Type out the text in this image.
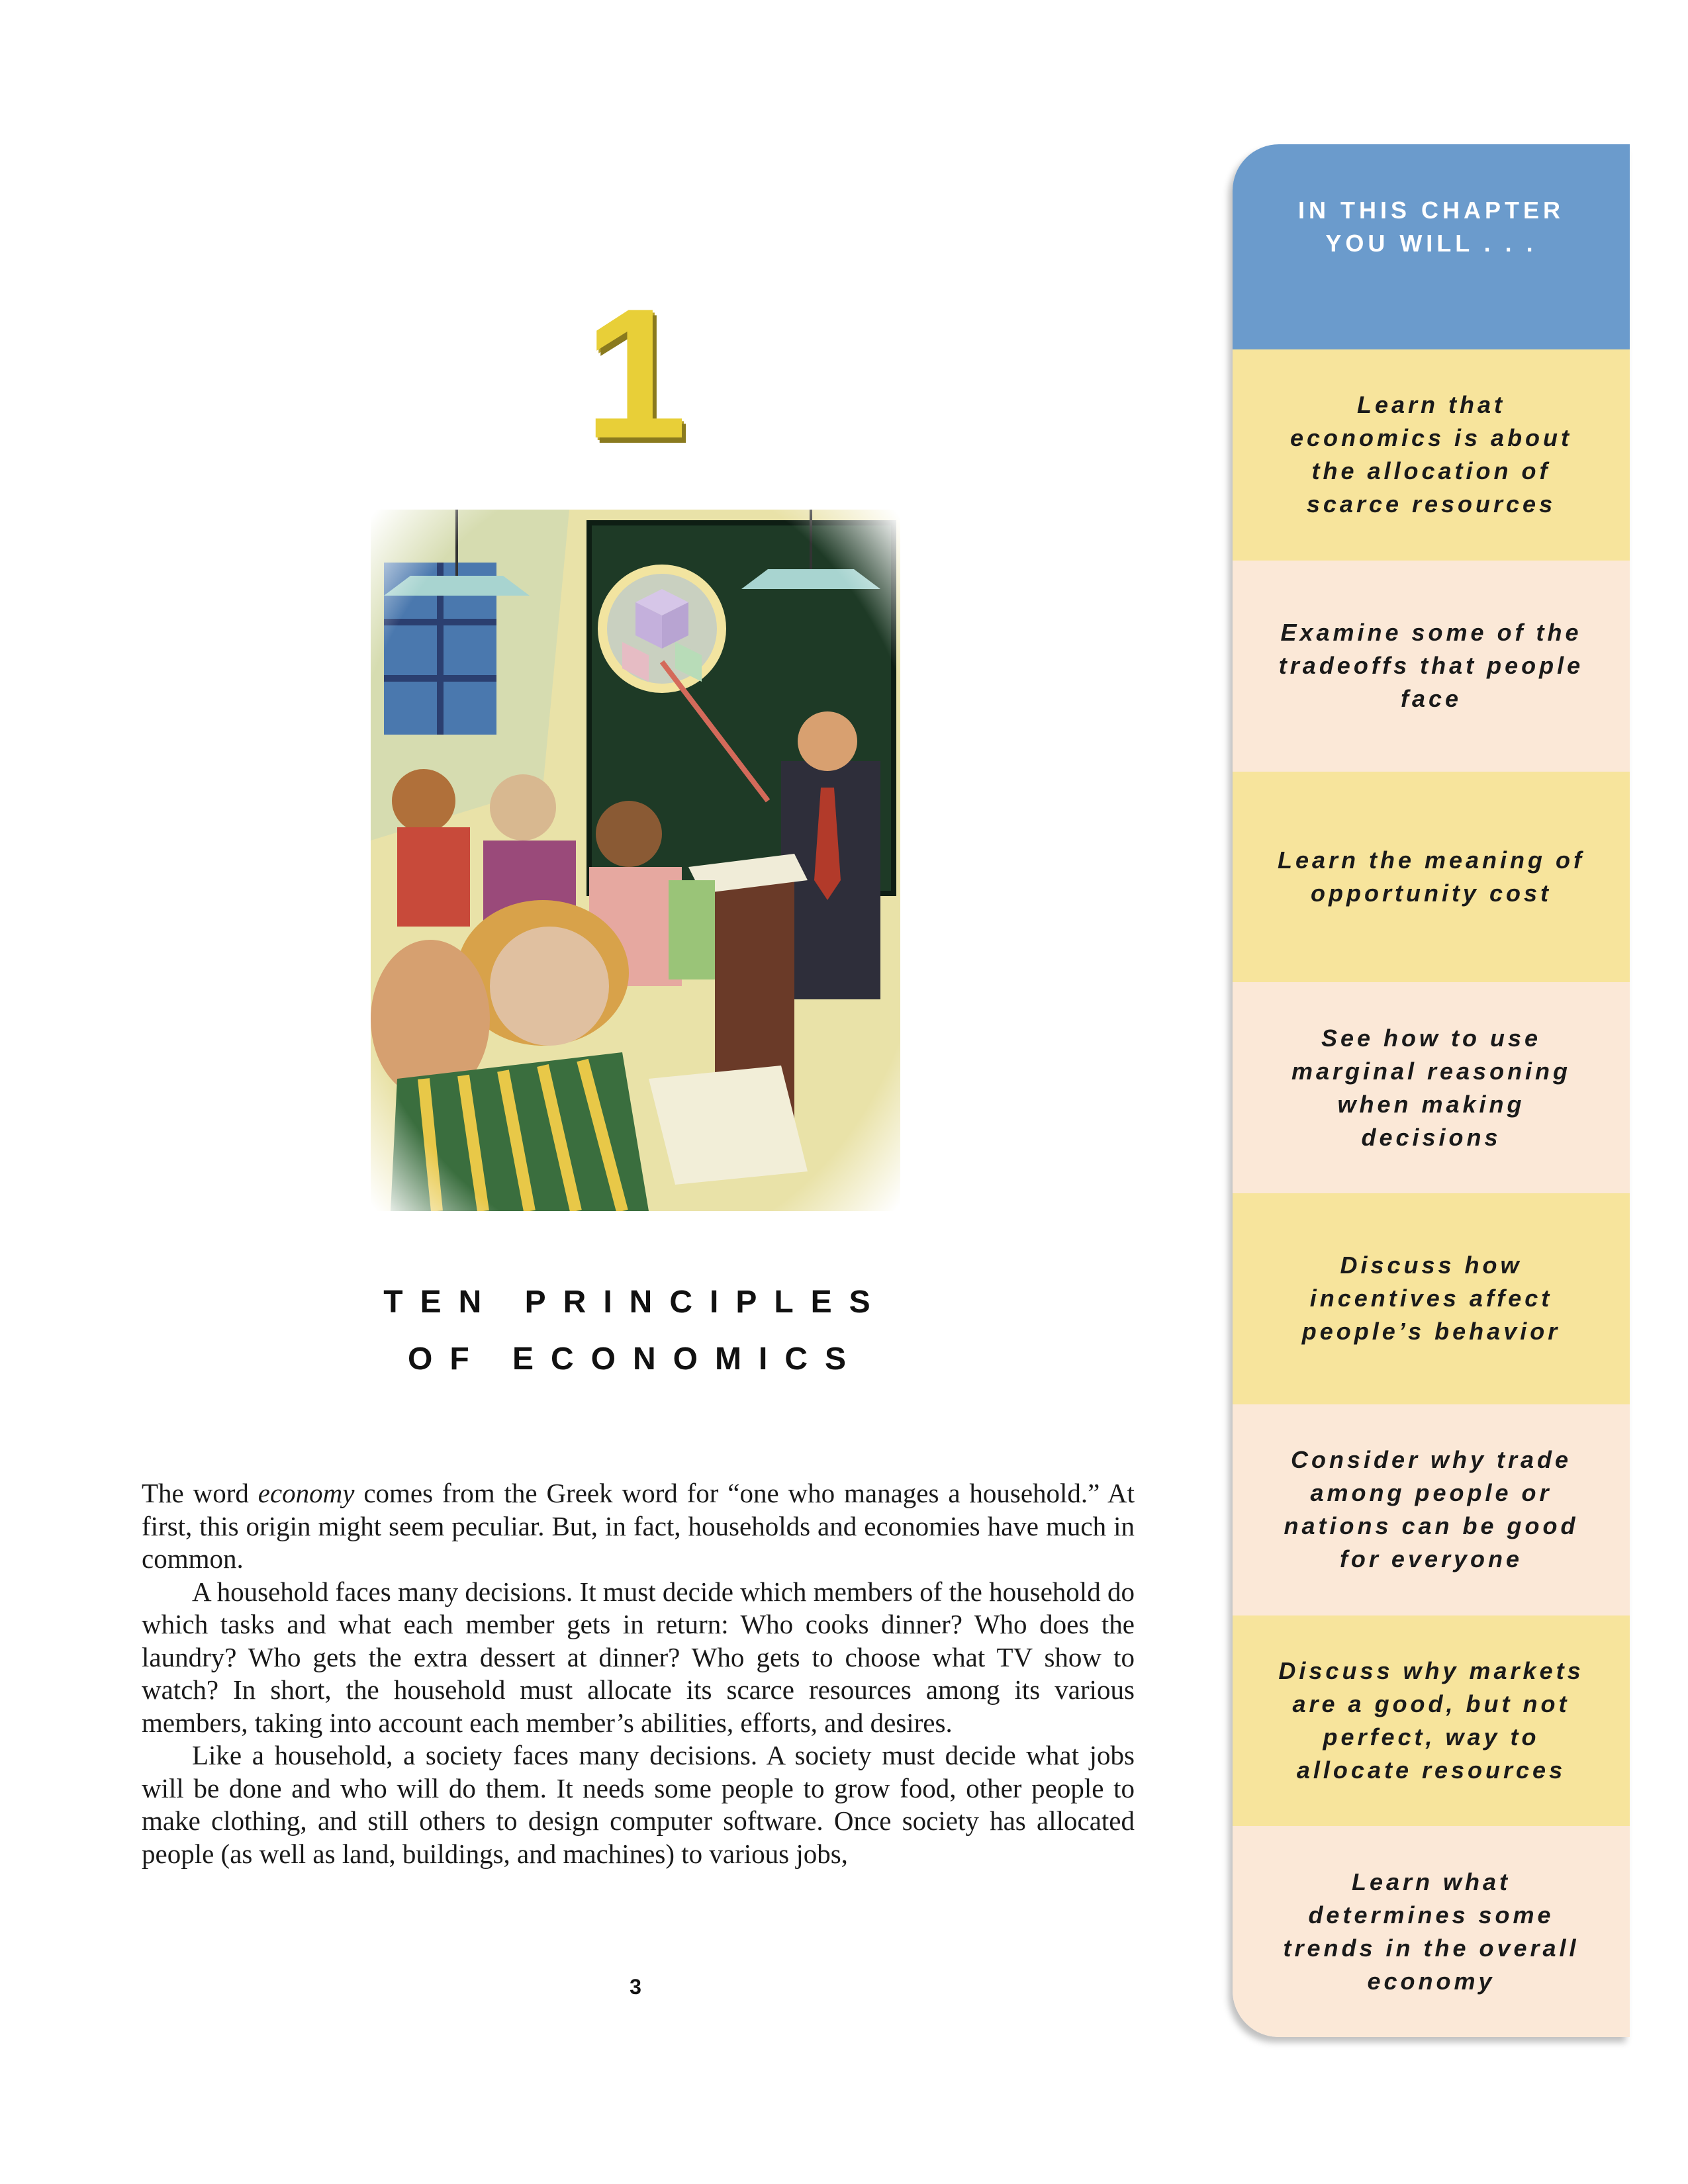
1
TEN PRINCIPLES
OF ECONOMICS

The word economy comes from the Greek word for “one who manages a household.” At first, this origin might seem peculiar. But, in fact, households and economies have much in common.

A household faces many decisions. It must decide which members of the household do which tasks and what each member gets in return: Who cooks dinner? Who does the laundry? Who gets the extra dessert at dinner? Who gets to choose what TV show to watch? In short, the household must allocate its scarce resources among its various members, taking into account each member’s abilities, efforts, and desires.

Like a household, a society faces many decisions. A society must decide what jobs will be done and who will do them. It needs some people to grow food, other people to make clothing, and still others to design computer software. Once society has allocated people (as well as land, buildings, and machines) to various jobs,

3
IN THIS CHAPTER
YOU WILL . . .
Learn that
economics is about
the allocation of
scarce resources
Examine some of the
tradeoffs that people
face
Learn the meaning of
opportunity cost
See how to use
marginal reasoning
when making
decisions
Discuss how
incentives affect
people’s behavior
Consider why trade
among people or
nations can be good
for everyone
Discuss why markets
are a good, but not
perfect, way to
allocate resources
Learn what
determines some
trends in the overall
economy
